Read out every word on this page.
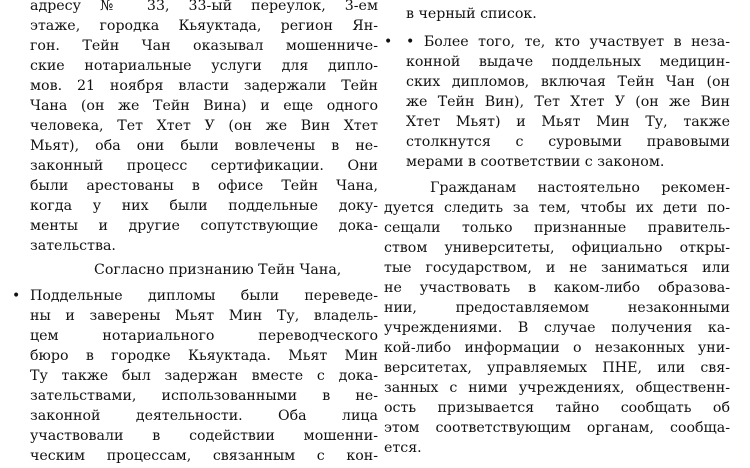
адресу № 33, 33-ый переулок, 3-ем
этаже, городка Кьяуктада, регион Ян-
гон. Тейн Чан оказывал мошенниче-
ские нотариальные услуги для дипло-
мов. 21 ноября власти задержали Тейн
Чана (он же Тейн Вина) и еще одного
человека, Тет Хтет У (он же Вин Хтет
Мьят), оба они были вовлечены в не-
законный процесс сертификации. Они
были арестованы в офисе Тейн Чана,
когда у них были поддельные доку-
менты и другие сопутствующие дока-
зательства.
Согласно признанию Тейн Чана,
• Поддельные дипломы были переведе-
ны и заверены Мьят Мин Ту, владель-
цем нотариального переводческого
бюро в городке Кьяуктада. Мьят Мин
Ту также был задержан вместе с дока-
зательствами, использованными в не-
законной деятельности. Оба лица
участвовали в содействии мошенни-
ческим процессам, связанным с кон-
в черный список.
• • Более того, те, кто участвует в неза-
конной выдаче поддельных медицин-
ских дипломов, включая Тейн Чан (он
же Тейн Вин), Тет Хтет У (он же Вин
Хтет Мьят) и Мьят Мин Ту, также
столкнутся с суровыми правовыми
мерами в соответствии с законом.
Гражданам настоятельно рекомен-
дуется следить за тем, чтобы их дети по-
сещали только признанные правитель-
ством университеты, официально откры-
тые государством, и не заниматься или
не участвовать в каком-либо образова-
нии, предоставляемом незаконными
учреждениями. В случае получения ка-
кой-либо информации о незаконных уни-
верситетах, управляемых ПНЕ, или свя-
занных с ними учреждениях, общественн-
ость призывается тайно сообщать об
этом соответствующим органам, сообща-
ется.
